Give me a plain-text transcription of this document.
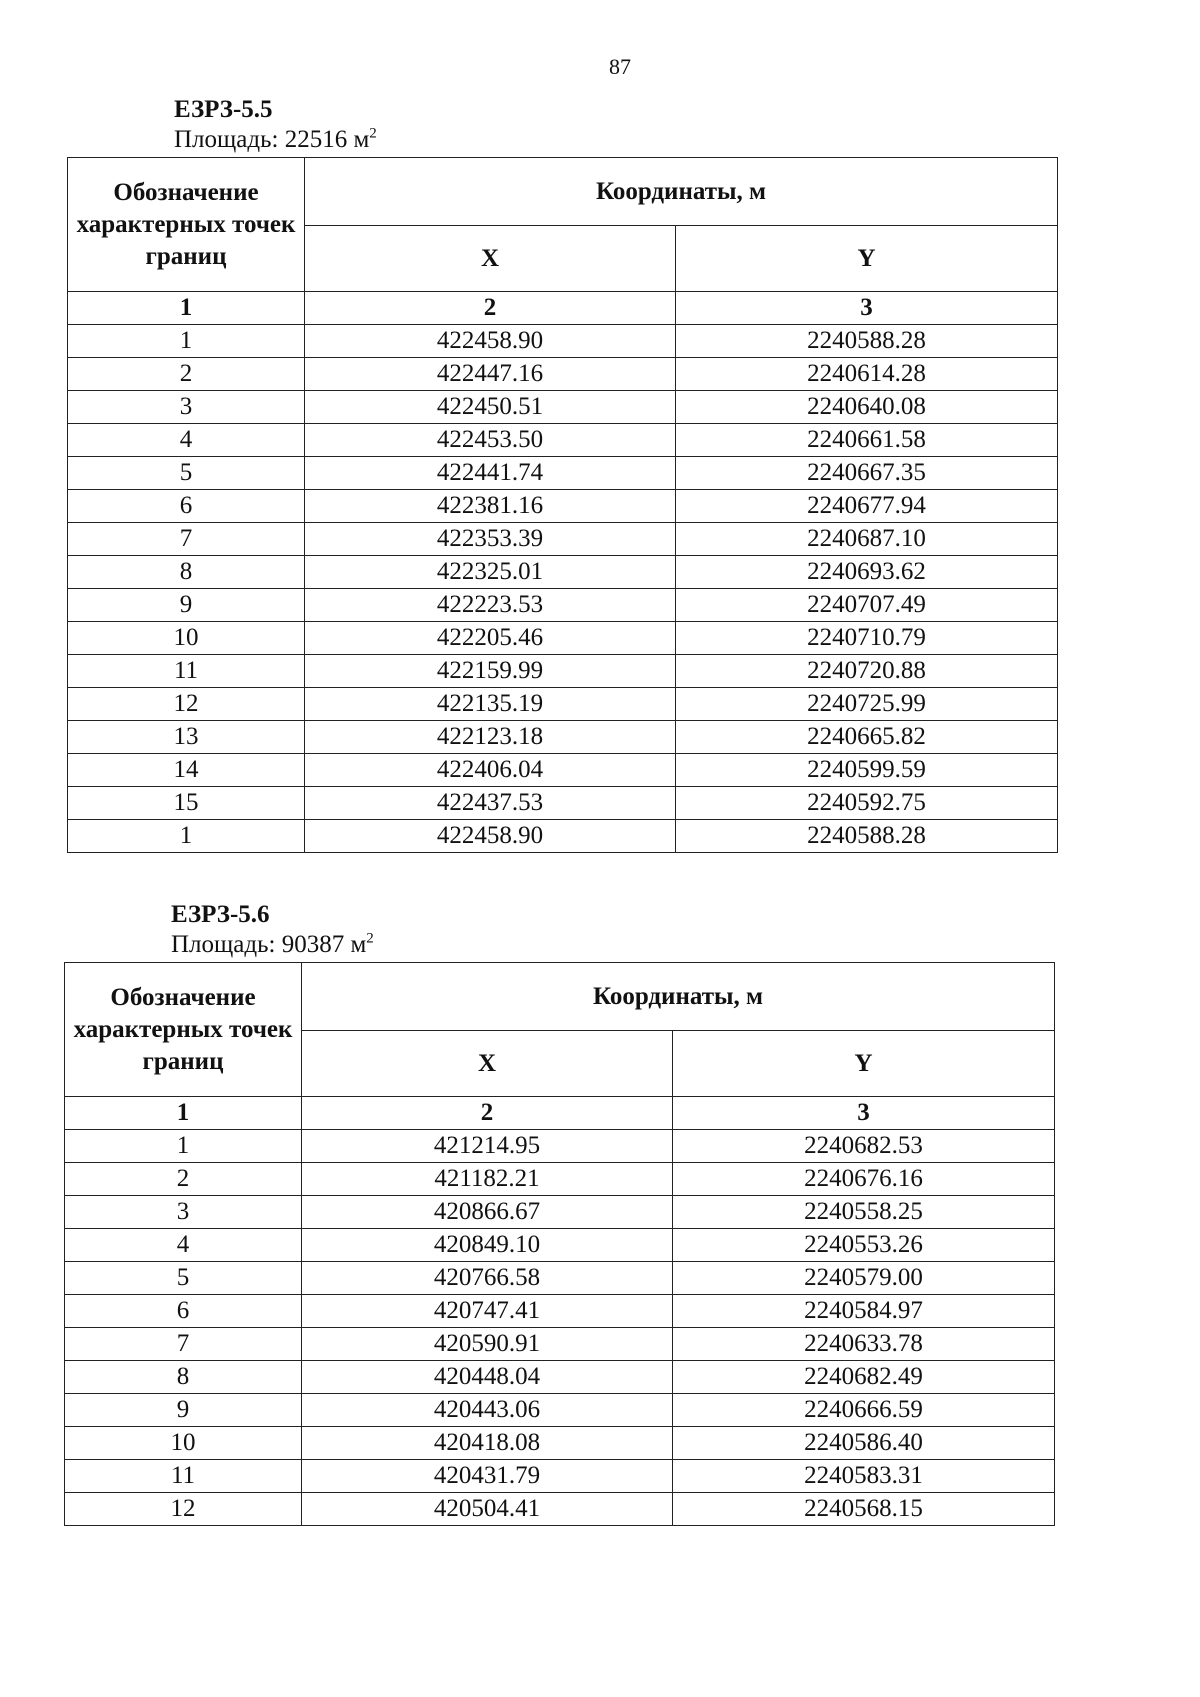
87
ЕЗРЗ-5.5
Площадь: 22516 $м^2$
Обозначение характерных точек границ	Координаты, м	
	X	Y
1	2	3
1	422458.90	2240588.28
2	422447.16	2240614.28
3	422450.51	2240640.08
4	422453.50	2240661.58
5	422441.74	2240667.35
6	422381.16	2240677.94
7	422353.39	2240687.10
8	422325.01	2240693.62
9	422223.53	2240707.49
10	422205.46	2240710.79
11	422159.99	2240720.88
12	422135.19	2240725.99
13	422123.18	2240665.82
14	422406.04	2240599.59
15	422437.53	2240592.75
1	422458.90	2240588.28
ЕЗРЗ-5.6
Площадь: 90387 $м^2$
Обозначение характерных точек границ	Координаты, м	
	X	Y
1	2	3
1	421214.95	2240682.53
2	421182.21	2240676.16
3	420866.67	2240558.25
4	420849.10	2240553.26
5	420766.58	2240579.00
6	420747.41	2240584.97
7	420590.91	2240633.78
8	420448.04	2240682.49
9	420443.06	2240666.59
10	420418.08	2240586.40
11	420431.79	2240583.31
12	420504.41	2240568.15
